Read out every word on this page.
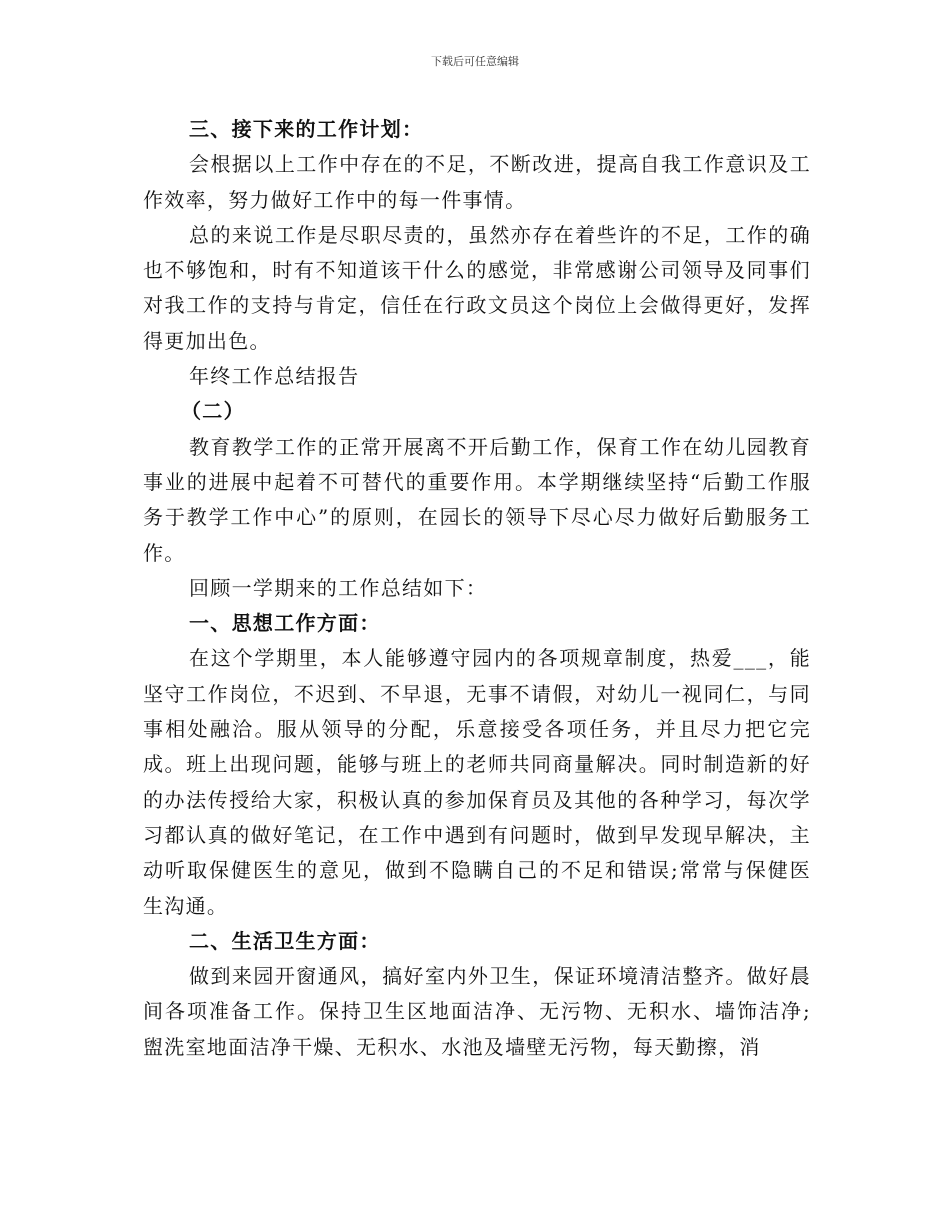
下载后可任意编辑

三、接下来的工作计划：

会根据以上工作中存在的不足，不断改进，提高自我工作意识及工作效率，努力做好工作中的每一件事情。

总的来说工作是尽职尽责的，虽然亦存在着些许的不足，工作的确也不够饱和，时有不知道该干什么的感觉，非常感谢公司领导及同事们对我工作的支持与肯定，信任在行政文员这个岗位上会做得更好，发挥得更加出色。

年终工作总结报告

（二）

教育教学工作的正常开展离不开后勤工作，保育工作在幼儿园教育事业的进展中起着不可替代的重要作用。本学期继续坚持“后勤工作服务于教学工作中心”的原则，在园长的领导下尽心尽力做好后勤服务工作。

回顾一学期来的工作总结如下：

一、思想工作方面：

在这个学期里，本人能够遵守园内的各项规章制度，热爱___，能坚守工作岗位，不迟到、不早退，无事不请假，对幼儿一视同仁，与同事相处融洽。服从领导的分配，乐意接受各项任务，并且尽力把它完成。班上出现问题，能够与班上的老师共同商量解决。同时制造新的好的办法传授给大家，积极认真的参加保育员及其他的各种学习，每次学习都认真的做好笔记，在工作中遇到有问题时，做到早发现早解决，主动听取保健医生的意见，做到不隐瞒自己的不足和错误;常常与保健医生沟通。

二、生活卫生方面：

做到来园开窗通风，搞好室内外卫生，保证环境清洁整齐。做好晨间各项准备工作。保持卫生区地面洁净、无污物、无积水、墙饰洁净;盥洗室地面洁净干燥、无积水、水池及墙壁无污物，每天勤擦，消
